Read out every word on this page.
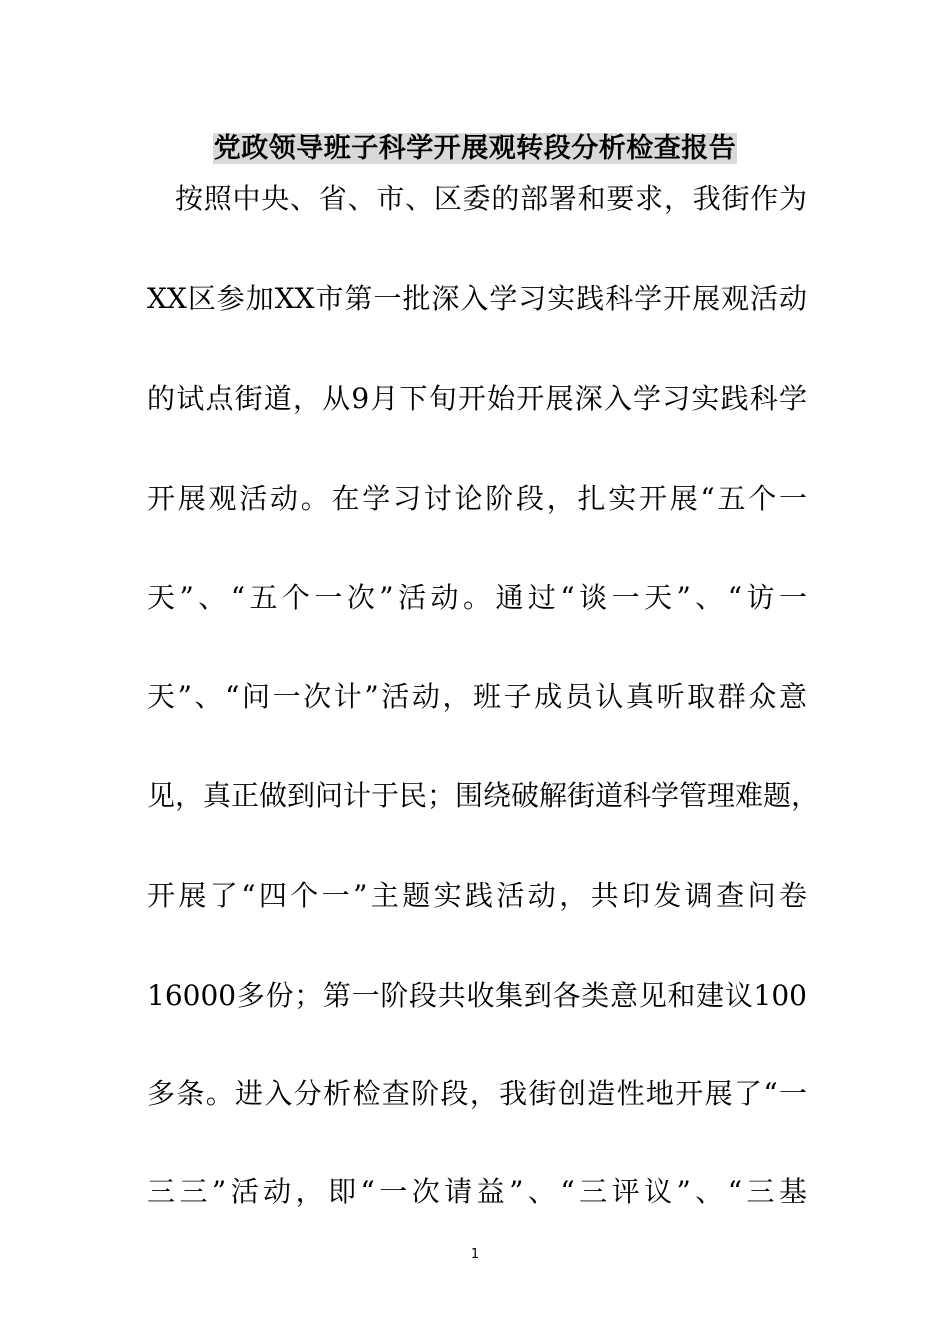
党政领导班子科学开展观转段分析检查报告
按照中央、省、市、区委的部署和要求，我街作为
XX区参加XX市第一批深入学习实践科学开展观活动
的试点街道，从9月下旬开始开展深入学习实践科学
开展观活动。在学习讨论阶段，扎实开展“五个一
天”、“五个一次”活动。通过“谈一天”、“访一
天”、“问一次计”活动，班子成员认真听取群众意
见，真正做到问计于民；围绕破解街道科学管理难题，
开展了“四个一”主题实践活动，共印发调查问卷
16000多份；第一阶段共收集到各类意见和建议100
多条。进入分析检查阶段，我街创造性地开展了“一
三三”活动，即“一次请益”、“三评议”、“三基
1
